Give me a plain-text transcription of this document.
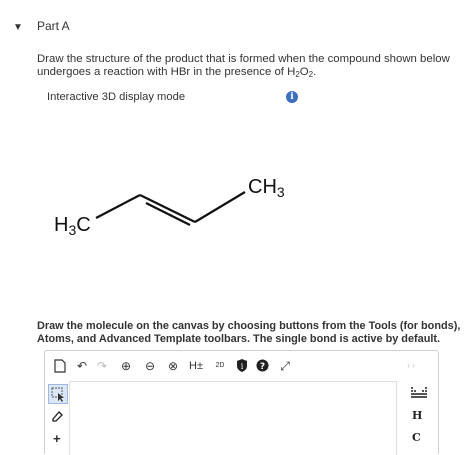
▼ Part A
Draw the structure of the product that is formed when the compound shown below undergoes a reaction with HBr in the presence of $H_2O_2$.
Interactive 3D display mode	i
$H_3C$
$CH_3$
Draw the molecule on the canvas by choosing buttons from the Tools (for bonds), Atoms, and Advanced Template toolbars. The single bond is active by default.
↶ ↷ ⊕ ⊖ ⊗ H±	$^{2D}$	i ? ⤢	‹ ›
+
H
C
